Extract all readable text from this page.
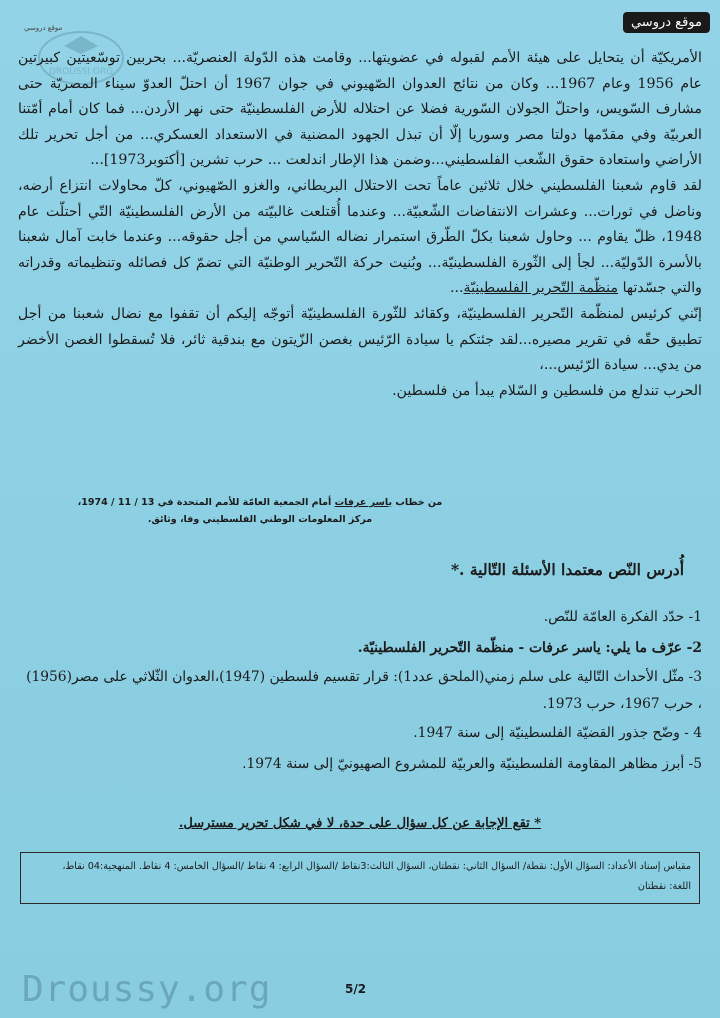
موقع دروسي
موقع دروسي
DROUSSI.ORG

الأمريكيّة أن يتحايل على هيئة الأمم لقبوله في عضويتها... وقامت هذه الدّولة العنصريّة... بحربين توسّعيتين كبيرتين عام 1956 وعام 1967... وكان من نتائج العدوان الصّهيوني في جوان 1967 أن احتلّ العدوّ سيناء المصريّة حتى مشارف السّويس، واحتلّ الجولان السّورية فضلا عن احتلاله للأرض الفلسطينيّة حتى نهر الأردن... فما كان أمام أمّتنا العربيّة وفي مقدّمها دولتا مصر وسوريا إلّا أن تبذل الجهود المضنية في الاستعداد العسكري... من أجل تحرير تلك الأراضي واستعادة حقوق الشّعب الفلسطيني...وضمن هذا الإطار اندلعت ... حرب تشرين [أكتوبر1973]...

لقد قاوم شعبنا الفلسطيني خلال ثلاثين عاماً تحت الاحتلال البريطاني، والغزو الصّهيوني، كلّ محاولات انتزاع أرضه، وناضل في ثورات... وعشرات الانتفاضات الشّعبيّة... وعندما أُقتلعت غالبيّته من الأرض الفلسطينيّة التّي أحتلّت عام 1948، ظلّ يقاوم ... وحاول شعبنا بكلّ الطّرق استمرار نضاله السّياسي من أجل حقوقه... وعندما خابت آمال شعبنا بالأسرة الدّوليّة... لجأ إلى الثّورة الفلسطينيّة... وبُنيت حركة التّحرير الوطنيّة التي تضمّ كل فصائله وتنظيماته وقدراته والتي جسّدتها منظّمة التّحرير الفلسطينيّة...

إنّني كرئيس لمنظّمة التّحرير الفلسطينيّة، وكقائد للثّورة الفلسطينيّة أتوجّه إليكم أن تقفوا مع نضال شعبنا من أجل تطبيق حقّه في تقرير مصيره...لقد جئتكم يا سيادة الرّئيس بغصن الزّيتون مع بندقية ثائر، فلا تُسقطوا الغصن الأخضر من يدي... سيادة الرّئيس...،

الحرب تندلع من فلسطين و السّلام يبدأ من فلسطين.

من خطاب ياسر عرفات أمام الجمعية العامّة للأمم المتحدة في 13 / 11 / 1974،
مركز المعلومات الوطني الفلسطيني وفا، وثائق.
أُدرس النّص معتمدا الأسئلة التّالية .*
1- حدّد الفكرة العامّة للنّص.
2- عرّف ما يلي: ياسر عرفات - منظّمة التّحرير الفلسطينيّة.
3- مثّل الأحداث التّالية على سلم زمني(الملحق عدد1): قرار تقسيم فلسطين (1947)،العدوان الثّلاثي على مصر(1956) ، حرب 1967، حرب 1973.
4 - وضّح جذور القضيّة الفلسطينيّة إلى سنة 1947.
5- أبرز مظاهر المقاومة الفلسطينيّة والعربيّة للمشروع الصهيونيّ إلى سنة 1974.
* تقع الإجابة عن كل سؤال على حدة، لا في شكل تحرير مسترسل.
مقياس إسناد الأعداد: السؤال الأول: نقطة/ السؤال الثاني: نقطتان، السؤال الثالث:3نقاط /السؤال الرابع: 4 نقاط /السؤال الخامس: 4 نقاط. المنهجية:04 نقاط،
اللغة: نقطتان
Droussy.org	5/2
